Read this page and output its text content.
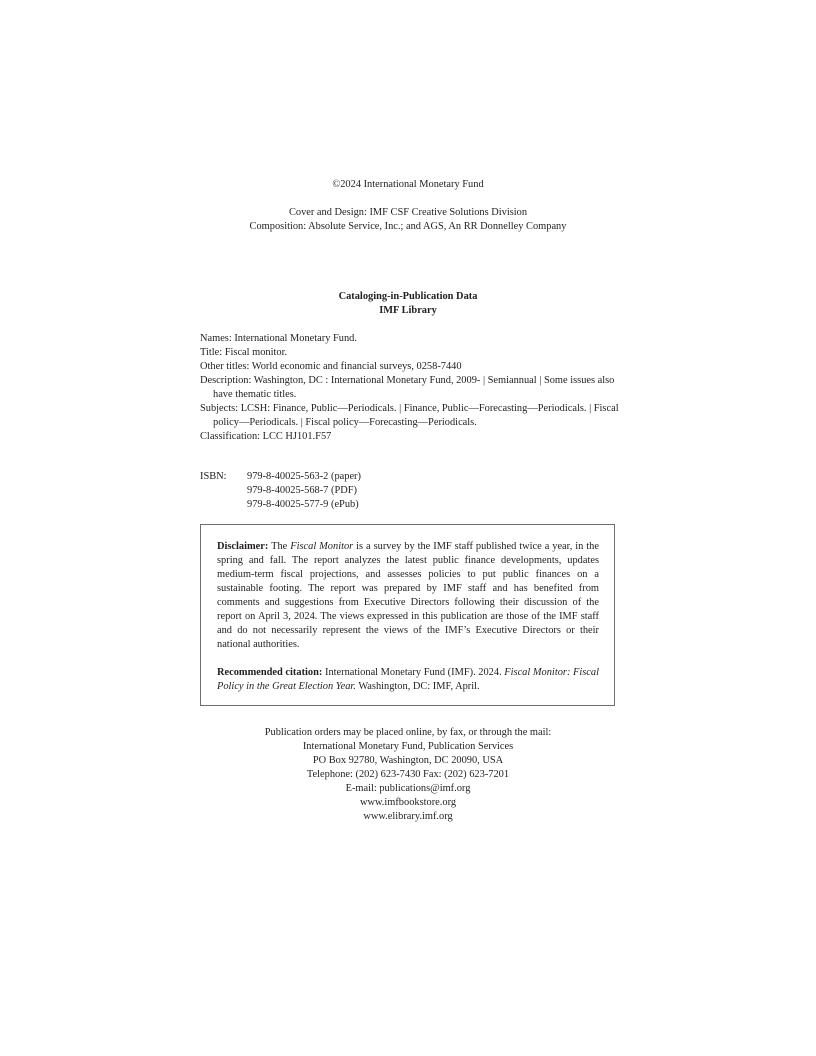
©2024 International Monetary Fund
Cover and Design: IMF CSF Creative Solutions Division
Composition: Absolute Service, Inc.; and AGS, An RR Donnelley Company
Cataloging-in-Publication Data
IMF Library
Names: International Monetary Fund.
Title: Fiscal monitor.
Other titles: World economic and financial surveys, 0258-7440
Description: Washington, DC : International Monetary Fund, 2009- | Semiannual | Some issues also have thematic titles.
Subjects: LCSH: Finance, Public—Periodicals. | Finance, Public—Forecasting—Periodicals. | Fiscal policy—Periodicals. | Fiscal policy—Forecasting—Periodicals.
Classification: LCC HJ101.F57
ISBN:	979-8-40025-563-2 (paper)
979-8-40025-568-7 (PDF)
979-8-40025-577-9 (ePub)

Disclaimer: The Fiscal Monitor is a survey by the IMF staff published twice a year, in the spring and fall. The report analyzes the latest public finance developments, updates medium-term fiscal projections, and assesses policies to put public finances on a sustainable footing. The report was prepared by IMF staff and has benefited from comments and suggestions from Executive Directors following their discussion of the report on April 3, 2024. The views expressed in this publication are those of the IMF staff and do not necessarily represent the views of the IMF’s Executive Directors or their national authorities.

Recommended citation: International Monetary Fund (IMF). 2024. Fiscal Monitor: Fiscal Policy in the Great Election Year. Washington, DC: IMF, April.

Publication orders may be placed online, by fax, or through the mail:
International Monetary Fund, Publication Services
PO Box 92780, Washington, DC 20090, USA
Telephone: (202) 623-7430 Fax: (202) 623-7201
E-mail: publications@imf.org
www.imfbookstore.org
www.elibrary.imf.org
